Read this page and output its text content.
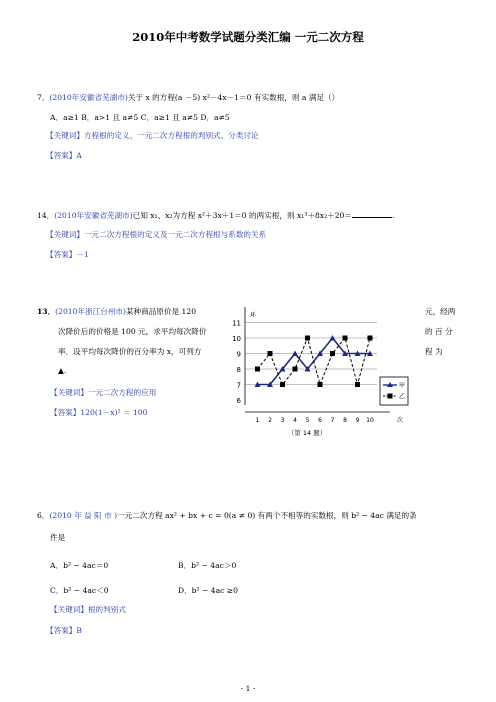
2010年中考数学试题分类汇编 一元二次方程
7．(2010年安徽省芜湖市)关于 x 的方程(a －5) x²－4x－1＝0 有实数根，则 a 满足（）
A．a≥1 B．a>1 且 a≠5 C．a≥1 且 a≠5 D．a≠5
【关键词】方程根的定义、一元二次方程根的判别式、分类讨论
【答案】A
14．(2010年安徽省芜湖市)已知 x₁、x₂为方程 x²＋3x＋1＝0 的两实根，则 x₁³＋8x₂＋20＝	.
【关键词】一元二次方程根的定义及一元二次方程根与系数的关系
【答案】－1
13．(2010年浙江台州市)某种商品原价是 120	元，经两
次降价后的价格是 100 元，求平均每次降价	的 百 分
率．设平均每次降价的百分率为 x，可列方	程 为
▲.
【关键词】一元二次方程的应用
【答案】120(1－x)² ＝ 100
6
7
8
9
10
11
1 2 3 4 5 6 7 8 9 10
环
次
（第 14 题）
甲
乙
6．(2010 年 益 阳 市 )一元二次方程 ax² + bx + c = 0(a ≠ 0) 有两个不相等的实数根，则 b² − 4ac 满足的条
件是
A．b² − 4ac＝0	B．b² − 4ac＞0
C．b² − 4ac＜0	D．b² − 4ac ≥0
【关键词】根的判别式
【答案】B
- 1 -
